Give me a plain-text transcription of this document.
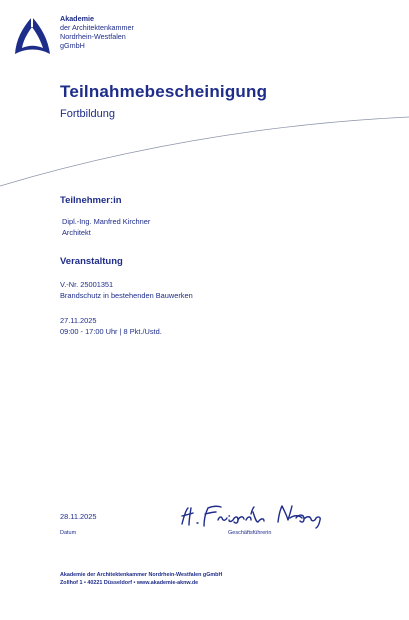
Akademie
der Architektenkammer
Nordrhein-Westfalen
gGmbH
Teilnahmebescheinigung
Fortbildung
Teilnehmer:in
Dipl.-Ing. Manfred Kirchner
Architekt
Veranstaltung
V.-Nr. 25001351
Brandschutz in bestehenden Bauwerken
27.11.2025
09:00 - 17:00 Uhr | 8 Pkt./Ustd.
28.11.2025
Datum	Geschäftsführerin
Akademie der Architektenkammer Nordrhein-Westfalen gGmbH
Zollhof 1 • 40221 Düsseldorf • www.akademie-aknw.de
